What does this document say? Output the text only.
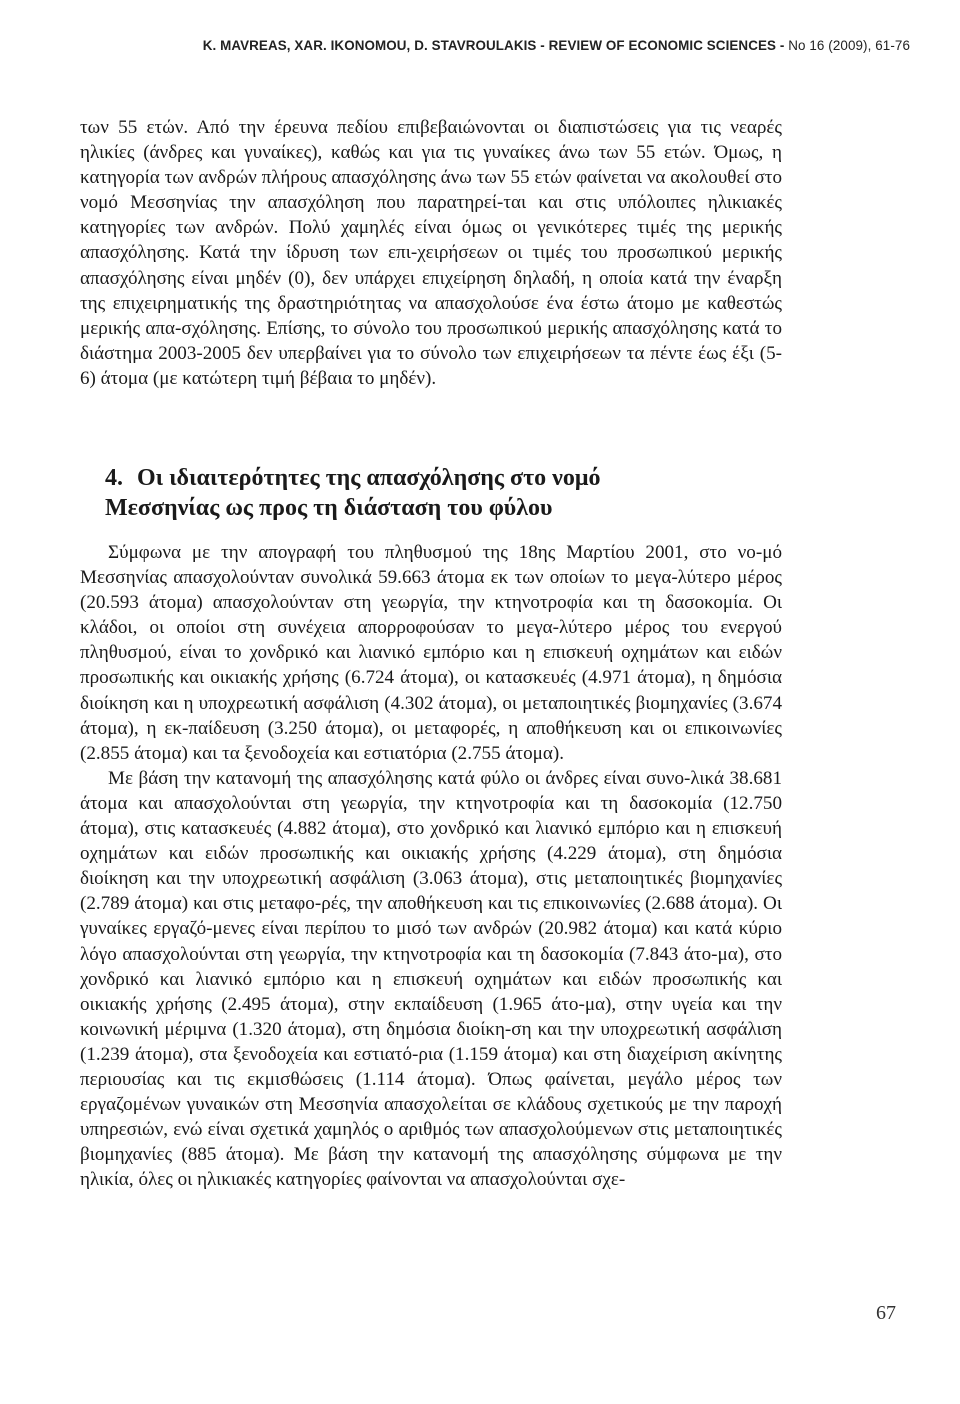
K. MAVREAS, XAR. IKONOMOU, D. STAVROULAKIS - REVIEW OF ECONOMIC SCIENCES - No 16 (2009), 61-76

των 55 ετών. Από την έρευνα πεδίου επιβεβαιώνονται οι διαπιστώσεις για τις νεαρές ηλικίες (άνδρες και γυναίκες), καθώς και για τις γυναίκες άνω των 55 ετών. Όμως, η κατηγορία των ανδρών πλήρους απασχόλησης άνω των 55 ετών φαίνεται να ακολουθεί στο νομό Μεσσηνίας την απασχόληση που παρατηρεί-ται και στις υπόλοιπες ηλικιακές κατηγορίες των ανδρών. Πολύ χαμηλές είναι όμως οι γενικότερες τιμές της μερικής απασχόλησης. Κατά την ίδρυση των επι-χειρήσεων οι τιμές του προσωπικού μερικής απασχόλησης είναι μηδέν (0), δεν υπάρχει επιχείρηση δηλαδή, η οποία κατά την έναρξη της επιχειρηματικής της δραστηριότητας να απασχολούσε ένα έστω άτομο με καθεστώς μερικής απα-σχόλησης. Επίσης, το σύνολο του προσωπικού μερικής απασχόλησης κατά το διάστημα 2003-2005 δεν υπερβαίνει για το σύνολο των επιχειρήσεων τα πέντε έως έξι (5-6) άτομα (με κατώτερη τιμή βέβαια το μηδέν).

4. Οι ιδιαιτερότητες της απασχόλησης στο νομό
Μεσσηνίας ως προς τη διάσταση του φύλου

Σύμφωνα με την απογραφή του πληθυσμού της 18ης Μαρτίου 2001, στο νο-μό Μεσσηνίας απασχολούνταν συνολικά 59.663 άτομα εκ των οποίων το μεγα-λύτερο μέρος (20.593 άτομα) απασχολούνταν στη γεωργία, την κτηνοτροφία και τη δασοκομία. Οι κλάδοι, οι οποίοι στη συνέχεια απορροφούσαν το μεγα-λύτερο μέρος του ενεργού πληθυσμού, είναι το χονδρικό και λιανικό εμπόριο και η επισκευή οχημάτων και ειδών προσωπικής και οικιακής χρήσης (6.724 άτομα), οι κατασκευές (4.971 άτομα), η δημόσια διοίκηση και η υποχρεωτική ασφάλιση (4.302 άτομα), οι μεταποιητικές βιομηχανίες (3.674 άτομα), η εκ-παίδευση (3.250 άτομα), οι μεταφορές, η αποθήκευση και οι επικοινωνίες (2.855 άτομα) και τα ξενοδοχεία και εστιατόρια (2.755 άτομα).

Με βάση την κατανομή της απασχόλησης κατά φύλο οι άνδρες είναι συνο-λικά 38.681 άτομα και απασχολούνται στη γεωργία, την κτηνοτροφία και τη δασοκομία (12.750 άτομα), στις κατασκευές (4.882 άτομα), στο χονδρικό και λιανικό εμπόριο και η επισκευή οχημάτων και ειδών προσωπικής και οικιακής χρήσης (4.229 άτομα), στη δημόσια διοίκηση και την υποχρεωτική ασφάλιση (3.063 άτομα), στις μεταποιητικές βιομηχανίες (2.789 άτομα) και στις μεταφο-ρές, την αποθήκευση και τις επικοινωνίες (2.688 άτομα). Οι γυναίκες εργαζό-μενες είναι περίπου το μισό των ανδρών (20.982 άτομα) και κατά κύριο λόγο απασχολούνται στη γεωργία, την κτηνοτροφία και τη δασοκομία (7.843 άτο-μα), στο χονδρικό και λιανικό εμπόριο και η επισκευή οχημάτων και ειδών προσωπικής και οικιακής χρήσης (2.495 άτομα), στην εκπαίδευση (1.965 άτο-μα), στην υγεία και την κοινωνική μέριμνα (1.320 άτομα), στη δημόσια διοίκη-ση και την υποχρεωτική ασφάλιση (1.239 άτομα), στα ξενοδοχεία και εστιατό-ρια (1.159 άτομα) και στη διαχείριση ακίνητης περιουσίας και τις εκμισθώσεις (1.114 άτομα). Όπως φαίνεται, μεγάλο μέρος των εργαζομένων γυναικών στη Μεσσηνία απασχολείται σε κλάδους σχετικούς με την παροχή υπηρεσιών, ενώ είναι σχετικά χαμηλός ο αριθμός των απασχολούμενων στις μεταποιητικές βιομηχανίες (885 άτομα). Με βάση την κατανομή της απασχόλησης σύμφωνα με την ηλικία, όλες οι ηλικιακές κατηγορίες φαίνονται να απασχολούνται σχε-

67
